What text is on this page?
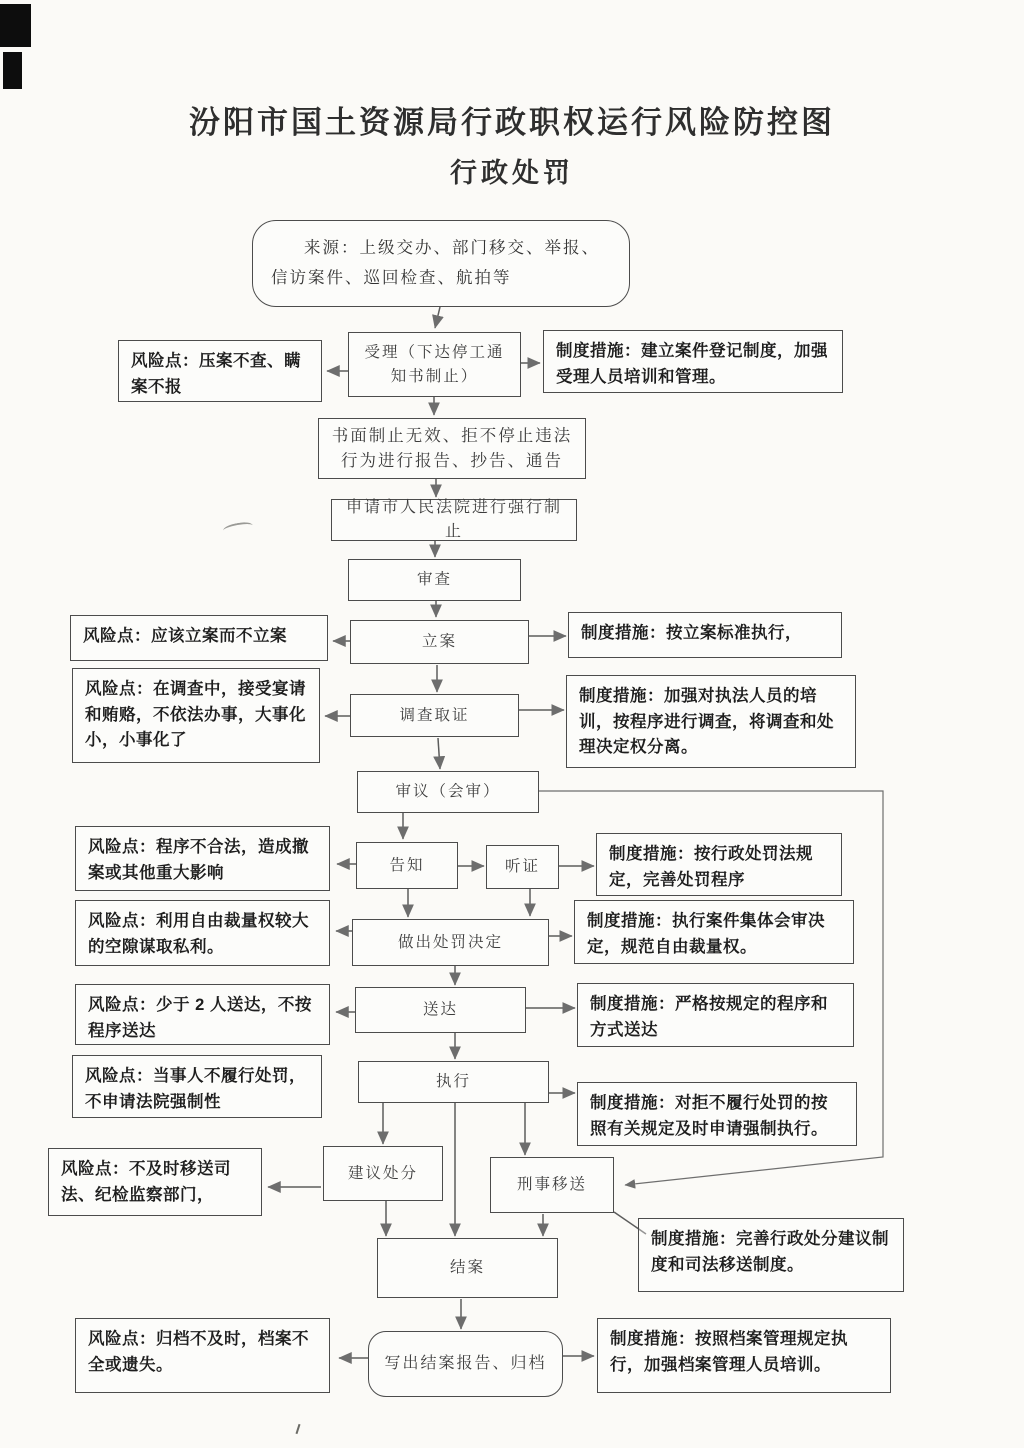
汾阳市国土资源局行政职权运行风险防控图
行政处罚
来源：上级交办、部门移交、举报、信访案件、巡回检查、航拍等
风险点：压案不查、瞒案不报
受理（下达停工通知书制止）
制度措施：建立案件登记制度，加强受理人员培训和管理。
书面制止无效、拒不停止违法行为进行报告、抄告、通告
申请市人民法院进行强行制止
审查
风险点：应该立案而不立案	立案	制度措施：按立案标准执行，
风险点：在调查中，接受宴请和贿赂，不依法办事，大事化小，小事化了
调查取证
制度措施：加强对执法人员的培训，按程序进行调查，将调查和处理决定权分离。
审议（会审）
风险点：程序不合法，造成撤案或其他重大影响	告知	听证
制度措施：按行政处罚法规定，完善处罚程序
风险点：利用自由裁量权较大的空隙谋取私利。	做出处罚决定
制度措施：执行案件集体会审决定，规范自由裁量权。
风险点：少于 2 人送达，不按程序送达
送达	制度措施：严格按规定的程序和方式送达
风险点：当事人不履行处罚，不申请法院强制性
执行
制度措施：对拒不履行处罚的按照有关规定及时申请强制执行。
风险点：不及时移送司法、纪检监察部门，
建议处分
刑事移送
制度措施：完善行政处分建议制度和司法移送制度。
结案
风险点：归档不及时，档案不全或遗失。	写出结案报告、归档
制度措施：按照档案管理规定执行，加强档案管理人员培训。
